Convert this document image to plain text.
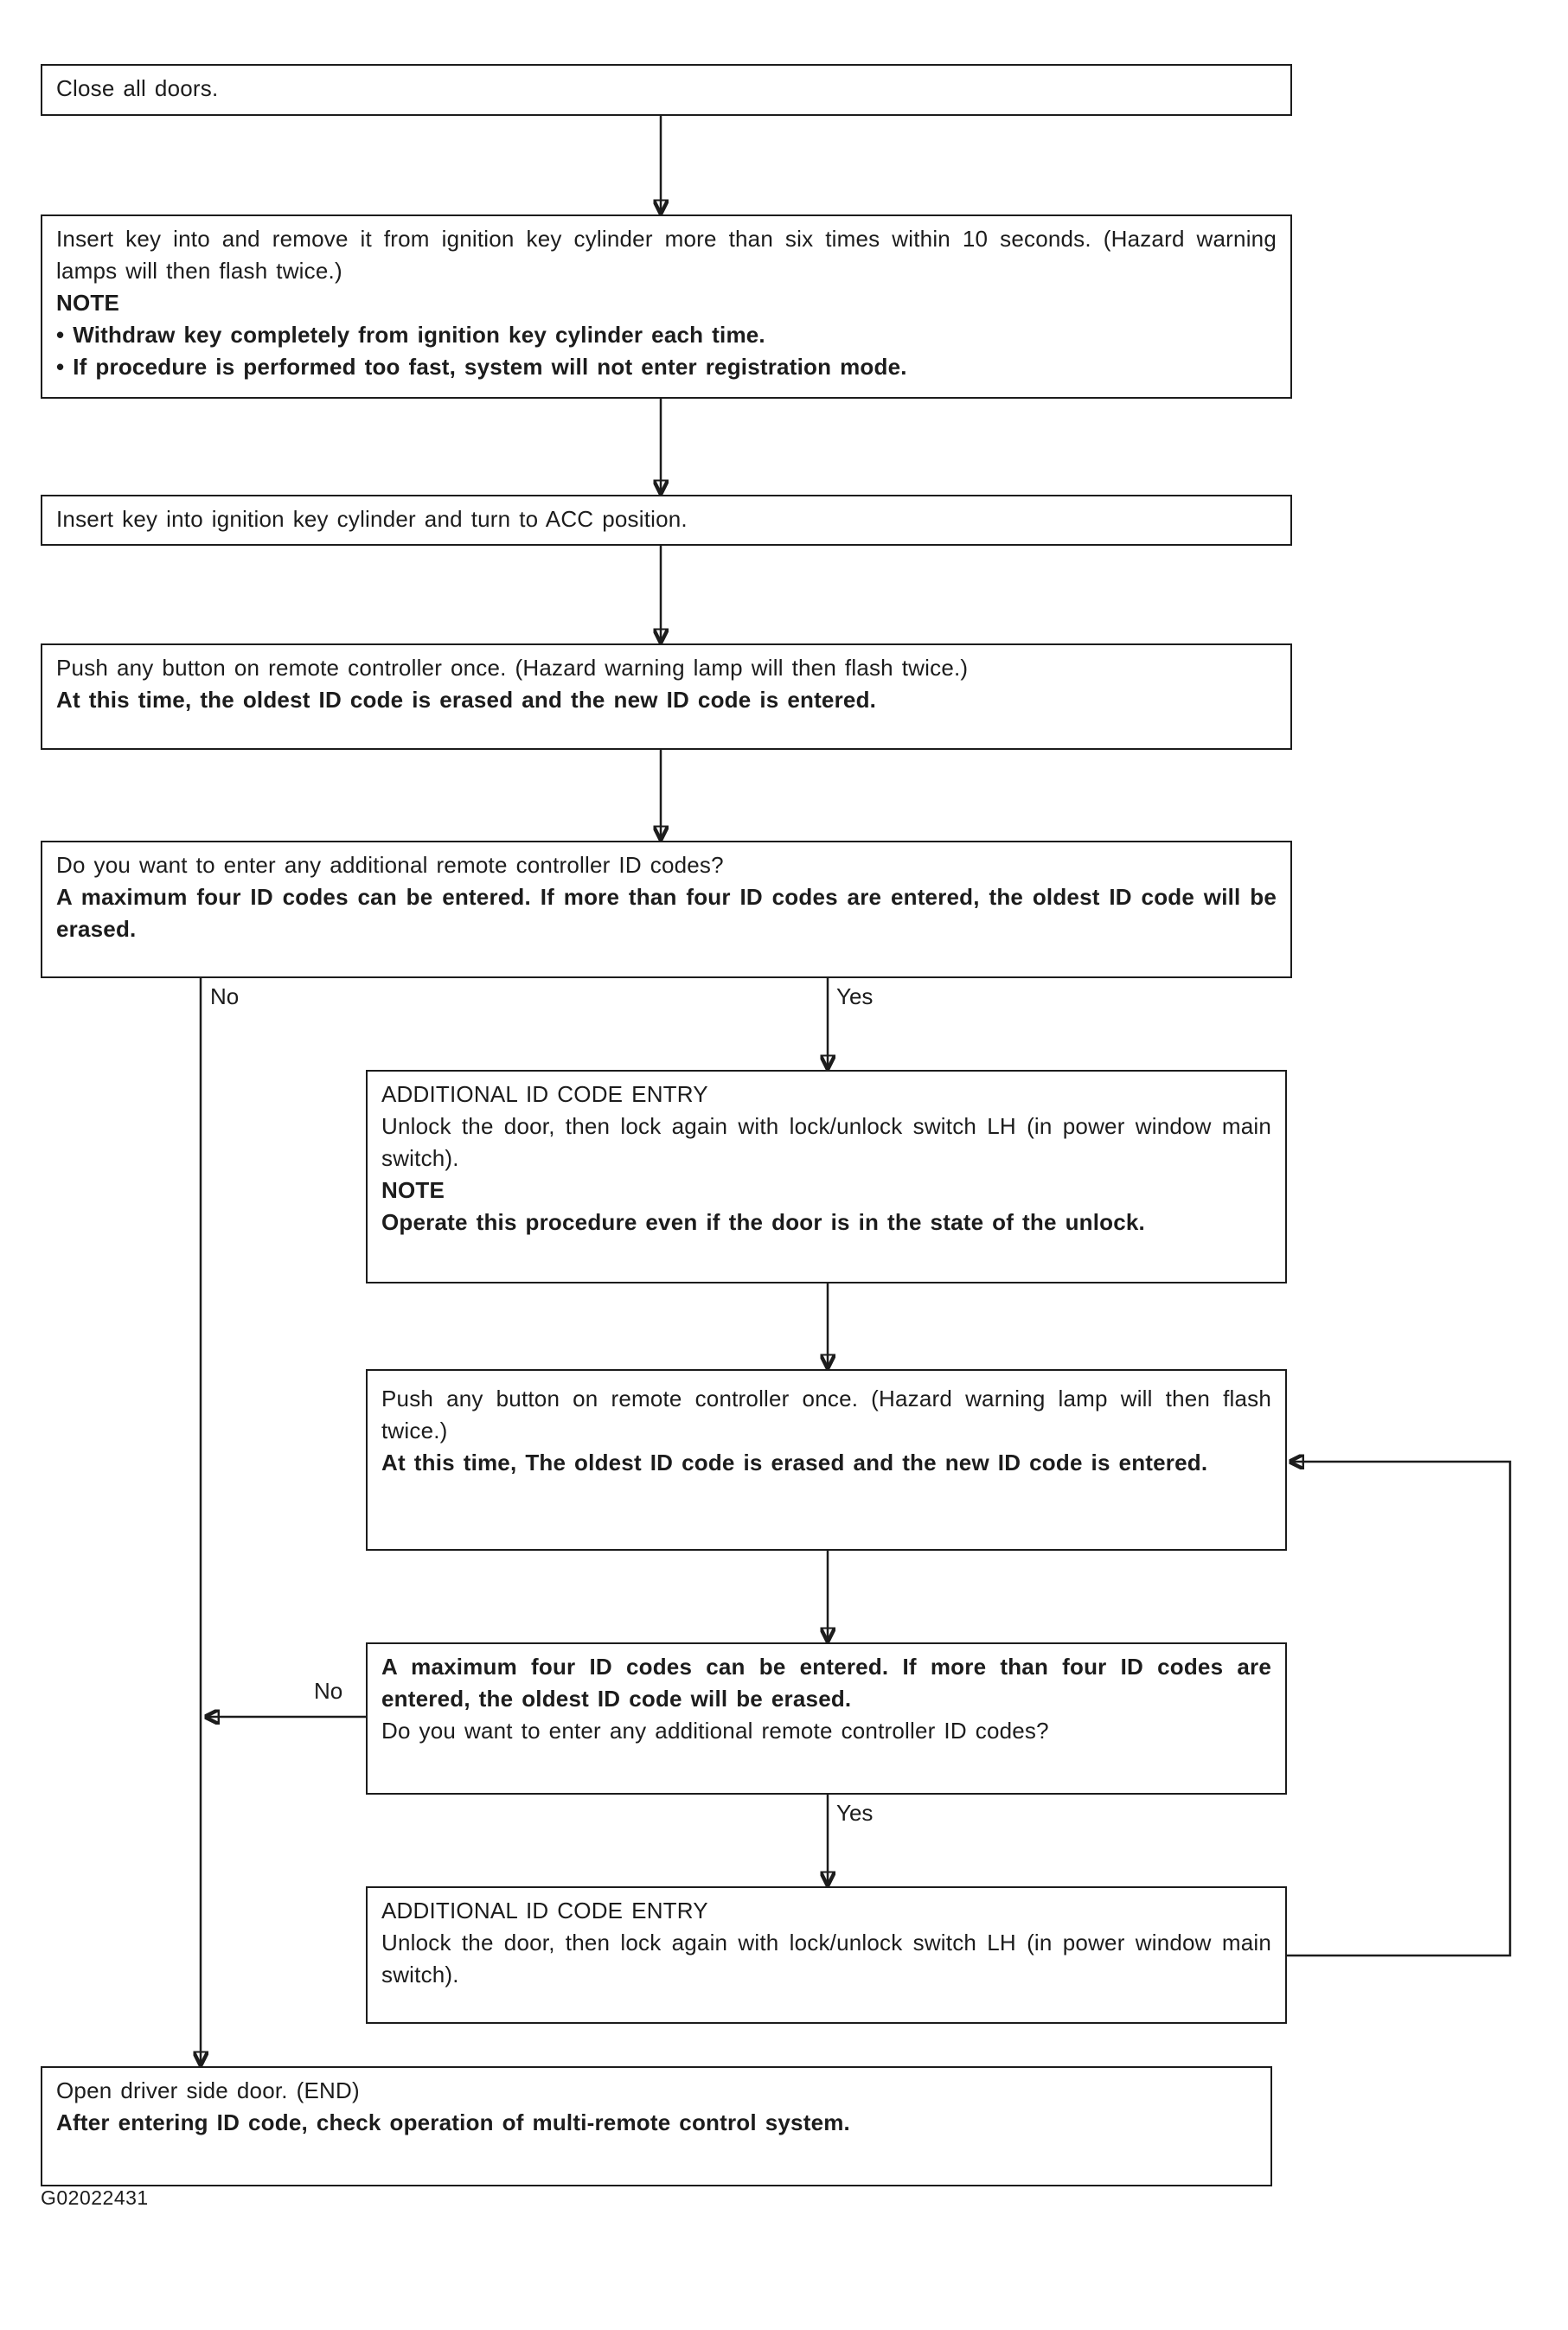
Close all doors.

Insert key into and remove it from ignition key cylinder more than six times within 10 seconds. (Hazard warning lamps will then flash twice.)

NOTE

• Withdraw key completely from ignition key cylinder each time.

• If procedure is performed too fast, system will not enter registration mode.

Insert key into ignition key cylinder and turn to ACC position.

Push any button on remote controller once. (Hazard warning lamp will then flash twice.)

At this time, the oldest ID code is erased and the new ID code is entered.

Do you want to enter any additional remote controller ID codes?

A maximum four ID codes can be entered. If more than four ID codes are entered, the oldest ID code will be erased.

ADDITIONAL ID CODE ENTRY

Unlock the door, then lock again with lock/unlock switch LH (in power window main switch).

NOTE

Operate this procedure even if the door is in the state of the unlock.

Push any button on remote controller once. (Hazard warning lamp will then flash twice.)

At this time, The oldest ID code is erased and the new ID code is entered.

A maximum four ID codes can be entered. If more than four ID codes are entered, the oldest ID code will be erased.

Do you want to enter any additional remote controller ID codes?

ADDITIONAL ID CODE ENTRY

Unlock the door, then lock again with lock/unlock switch LH (in power window main switch).

Open driver side door. (END)

After entering ID code, check operation of multi-remote control system.

No	Yes
No
Yes
G02022431
